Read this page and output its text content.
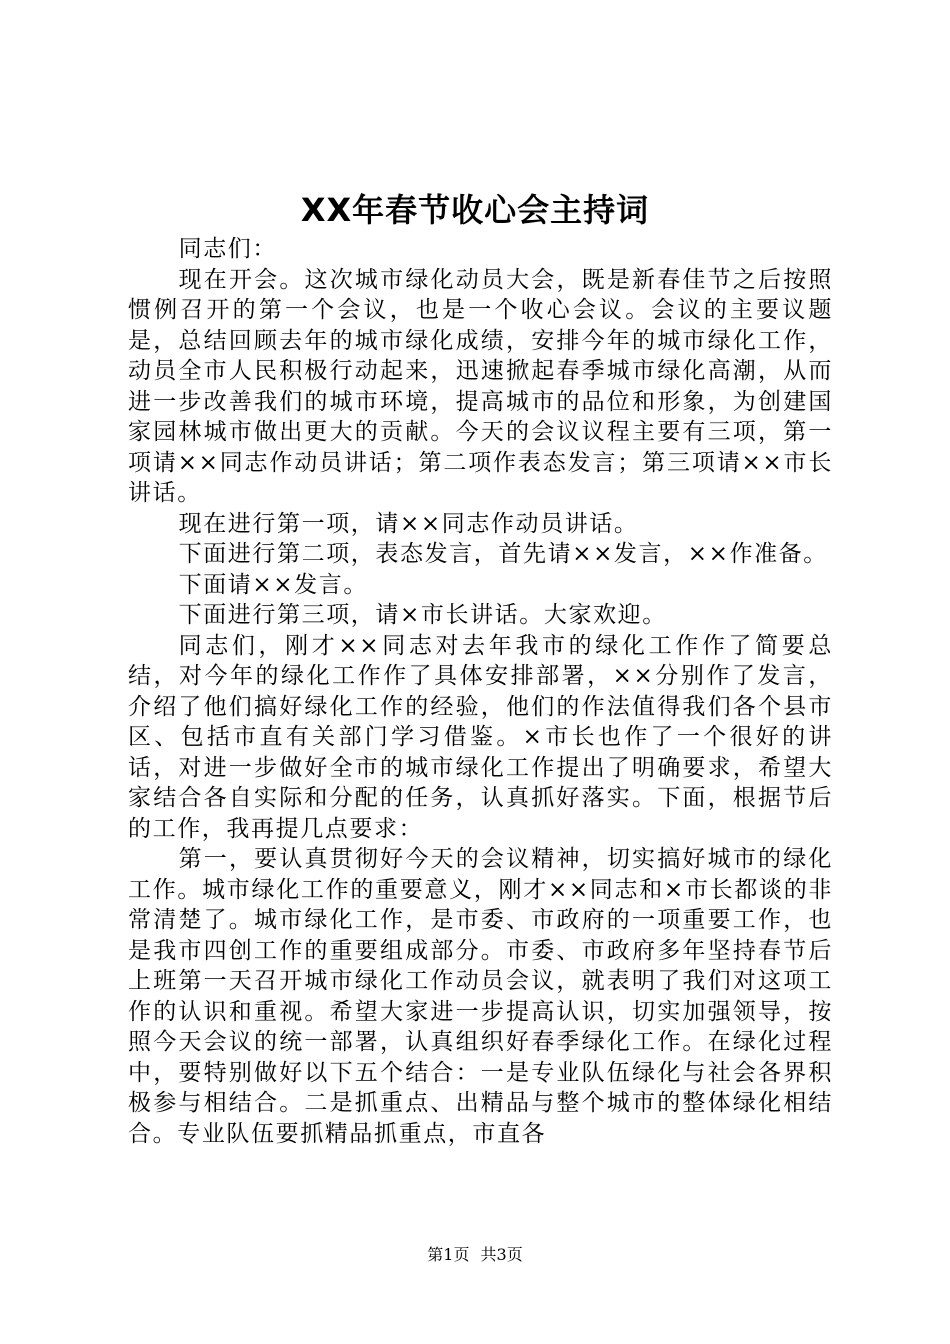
XX年春节收心会主持词

同志们：

现在开会。这次城市绿化动员大会，既是新春佳节之后按照惯例召开的第一个会议，也是一个收心会议。会议的主要议题是，总结回顾去年的城市绿化成绩，安排今年的城市绿化工作，动员全市人民积极行动起来，迅速掀起春季城市绿化高潮，从而进一步改善我们的城市环境，提高城市的品位和形象，为创建国家园林城市做出更大的贡献。今天的会议议程主要有三项，第一项请××同志作动员讲话；第二项作表态发言；第三项请××市长讲话。

现在进行第一项，请××同志作动员讲话。

下面进行第二项，表态发言，首先请××发言，××作准备。

下面请××发言。

下面进行第三项，请×市长讲话。大家欢迎。

同志们，刚才××同志对去年我市的绿化工作作了简要总结，对今年的绿化工作作了具体安排部署，××分别作了发言，介绍了他们搞好绿化工作的经验，他们的作法值得我们各个县市区、包括市直有关部门学习借鉴。×市长也作了一个很好的讲话，对进一步做好全市的城市绿化工作提出了明确要求，希望大家结合各自实际和分配的任务，认真抓好落实。下面，根据节后的工作，我再提几点要求：

第一，要认真贯彻好今天的会议精神，切实搞好城市的绿化工作。城市绿化工作的重要意义，刚才××同志和×市长都谈的非常清楚了。城市绿化工作，是市委、市政府的一项重要工作，也是我市四创工作的重要组成部分。市委、市政府多年坚持春节后上班第一天召开城市绿化工作动员会议，就表明了我们对这项工作的认识和重视。希望大家进一步提高认识，切实加强领导，按照今天会议的统一部署，认真组织好春季绿化工作。在绿化过程中，要特别做好以下五个结合：一是专业队伍绿化与社会各界积极参与相结合。二是抓重点、出精品与整个城市的整体绿化相结合。专业队伍要抓精品抓重点，市直各

第1页 共3页
